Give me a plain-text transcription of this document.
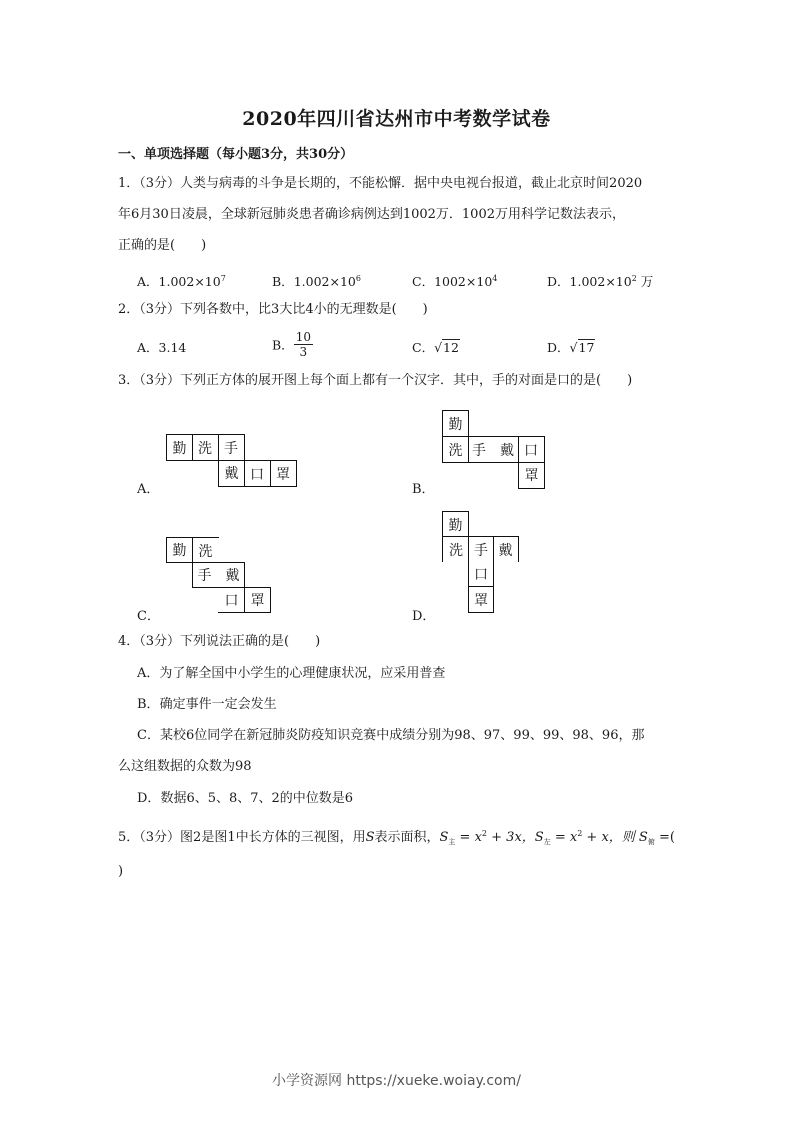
2020年四川省达州市中考数学试卷
一、单项选择题（每小题3分，共30分）
1．（3分）人类与病毒的斗争是长期的，不能松懈．据中央电视台报道，截止北京时间2020
年6月30日凌晨，全球新冠肺炎患者确诊病例达到1002万．1002万用科学记数法表示，
正确的是(　　)
A．$1.002\times 10^7$	B．$1.002\times 10^6$	C．$1002\times 10^4$	D．$1.002\times 10^2$ 万
2．（3分）下列各数中，比3大比4小的无理数是(　　)
A．3.14	B． $\frac{10}{3}$	C．√12	D．√17
3．（3分）下列正方体的展开图上每个面上都有一个汉字．其中，手的对面是口的是(　　)
勤 洗 手
戴 口 罩
A．
勤
洗 手　戴 口
罩
B．
勤 洗
手　戴
口 罩
C．
勤
洗 手 戴
口
罩
D．
4．（3分）下列说法正确的是(　　)
A．为了解全国中小学生的心理健康状况，应采用普查
B．确定事件一定会发生
C．某校6位同学在新冠肺炎防疫知识竞赛中成绩分别为98、97、99、99、98、96，那
么这组数据的众数为98
D．数据6、5、8、7、2的中位数是6
5．（3分）图2是图1中长方体的三视图，用S表示面积，$S_主 = x^2 + 3x$，$S_左 = x^2 + x$，则 $S_俯$ =(
)
小学资源网 https://xueke.woiay.com/
